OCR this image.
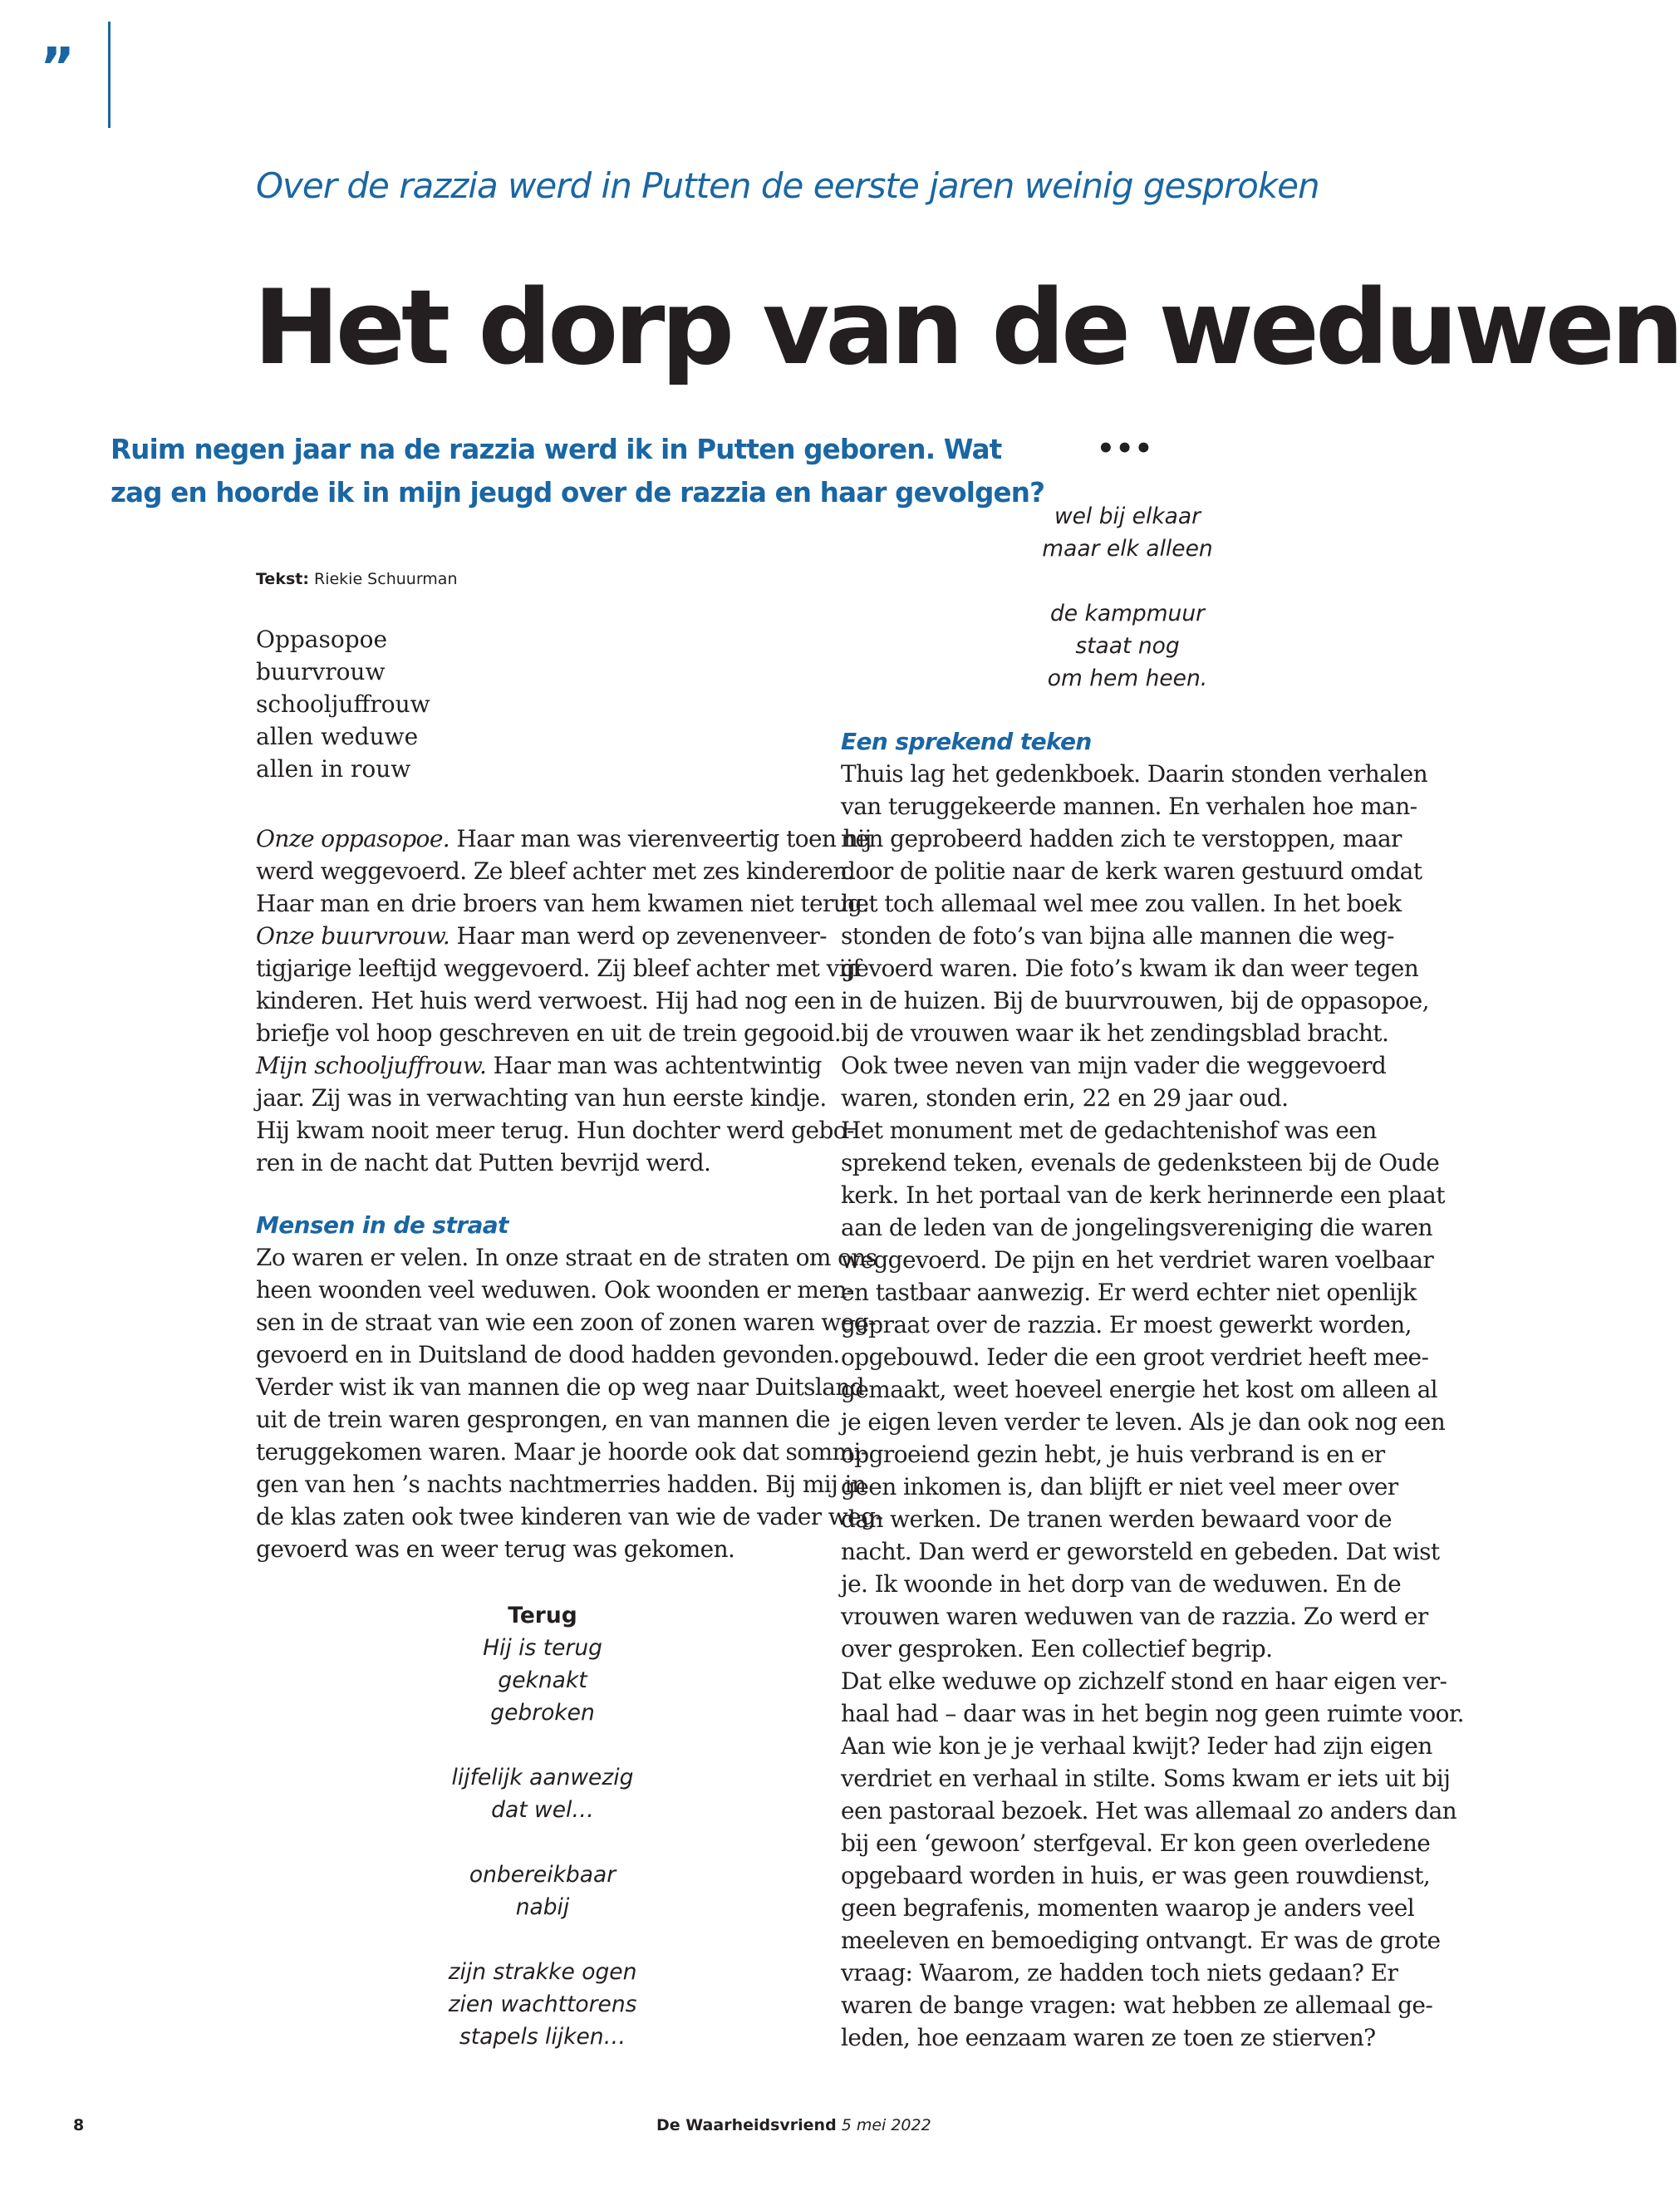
”
Over de razzia werd in Putten de eerste jaren weinig gesproken
Het dorp van de weduwen
Ruim negen jaar na de razzia werd ik in Putten geboren. Wat
zag en hoorde ik in mijn jeugd over de razzia en haar gevolgen?
Tekst: Riekie Schuurman
Oppasopoe
buurvrouw
schooljuffrouw
allen weduwe
allen in rouw
Onze oppasopoe. Haar man was vierenveertig toen hij
werd weggevoerd. Ze bleef achter met zes kinderen.
Haar man en drie broers van hem kwamen niet terug.
Onze buurvrouw. Haar man werd op zevenenveer-
tigjarige leeftijd weggevoerd. Zij bleef achter met vijf
kinderen. Het huis werd verwoest. Hij had nog een
briefje vol hoop geschreven en uit de trein gegooid.
Mijn schooljuffrouw. Haar man was achtentwintig
jaar. Zij was in verwachting van hun eerste kindje.
Hij kwam nooit meer terug. Hun dochter werd gebo-
ren in de nacht dat Putten bevrijd werd.
Mensen in de straat
Zo waren er velen. In onze straat en de straten om ons
heen woonden veel weduwen. Ook woonden er men-
sen in de straat van wie een zoon of zonen waren weg-
gevoerd en in Duitsland de dood hadden gevonden.
Verder wist ik van mannen die op weg naar Duitsland
uit de trein waren gesprongen, en van mannen die
teruggekomen waren. Maar je hoorde ook dat sommi-
gen van hen ’s nachts nachtmerries hadden. Bij mij in
de klas zaten ook twee kinderen van wie de vader weg-
gevoerd was en weer terug was gekomen.
Terug
Hij is terug
geknakt
gebroken
lijfelijk aanwezig
dat wel…
onbereikbaar
nabij
zijn strakke ogen
zien wachttorens
stapels lijken…
•••
wel bij elkaar
maar elk alleen
de kampmuur
staat nog
om hem heen.
Een sprekend teken
Thuis lag het gedenkboek. Daarin stonden verhalen
van teruggekeerde mannen. En verhalen hoe man-
nen geprobeerd hadden zich te verstoppen, maar
door de politie naar de kerk waren gestuurd omdat
het toch allemaal wel mee zou vallen. In het boek
stonden de foto’s van bijna alle mannen die weg-
gevoerd waren. Die foto’s kwam ik dan weer tegen
in de huizen. Bij de buurvrouwen, bij de oppasopoe,
bij de vrouwen waar ik het zendingsblad bracht.
Ook twee neven van mijn vader die weggevoerd
waren, stonden erin, 22 en 29 jaar oud.
Het monument met de gedachtenishof was een
sprekend teken, evenals de gedenksteen bij de Oude
kerk. In het portaal van de kerk herinnerde een plaat
aan de leden van de jongelingsvereniging die waren
weggevoerd. De pijn en het verdriet waren voelbaar
en tastbaar aanwezig. Er werd echter niet openlijk
gepraat over de razzia. Er moest gewerkt worden,
opgebouwd. Ieder die een groot verdriet heeft mee-
gemaakt, weet hoeveel energie het kost om alleen al
je eigen leven verder te leven. Als je dan ook nog een
opgroeiend gezin hebt, je huis verbrand is en er
geen inkomen is, dan blijft er niet veel meer over
dan werken. De tranen werden bewaard voor de
nacht. Dan werd er geworsteld en gebeden. Dat wist
je. Ik woonde in het dorp van de weduwen. En de
vrouwen waren weduwen van de razzia. Zo werd er
over gesproken. Een collectief begrip.
Dat elke weduwe op zichzelf stond en haar eigen ver-
haal had – daar was in het begin nog geen ruimte voor.
Aan wie kon je je verhaal kwijt? Ieder had zijn eigen
verdriet en verhaal in stilte. Soms kwam er iets uit bij
een pastoraal bezoek. Het was allemaal zo anders dan
bij een ‘gewoon’ sterfgeval. Er kon geen overledene
opgebaard worden in huis, er was geen rouwdienst,
geen begrafenis, momenten waarop je anders veel
meeleven en bemoediging ontvangt. Er was de grote
vraag: Waarom, ze hadden toch niets gedaan? Er
waren de bange vragen: wat hebben ze allemaal ge-
leden, hoe eenzaam waren ze toen ze stierven?
8	De Waarheidsvriend 5 mei 2022
